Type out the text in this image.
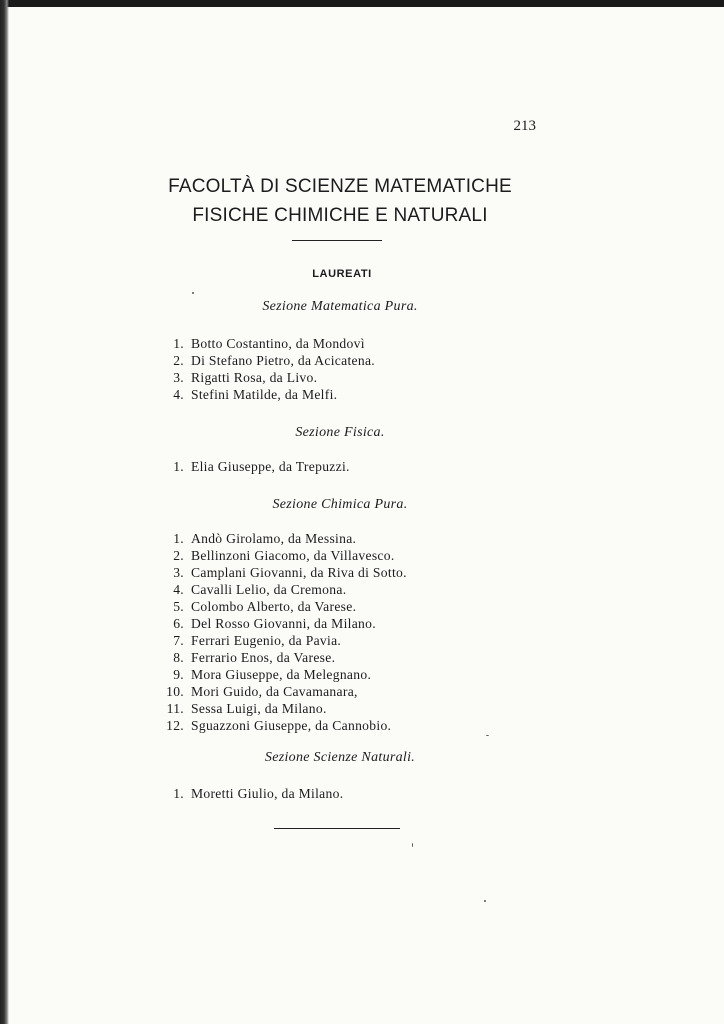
213
FACOLTÀ DI SCIENZE MATEMATICHE
FISICHE CHIMICHE E NATURALI
LAUREATI
Sezione Matematica Pura.
1. Botto Costantino, da Mondovì
2. Di Stefano Pietro, da Acicatena.
3. Rigatti Rosa, da Livo.
4. Stefini Matilde, da Melfi.
Sezione Fisica.
1. Elia Giuseppe, da Trepuzzi.
Sezione Chimica Pura.
1. Andò Girolamo, da Messina.
2. Bellinzoni Giacomo, da Villavesco.
3. Camplani Giovanni, da Riva di Sotto.
4. Cavalli Lelio, da Cremona.
5. Colombo Alberto, da Varese.
6. Del Rosso Giovanni, da Milano.
7. Ferrari Eugenio, da Pavia.
8. Ferrario Enos, da Varese.
9. Mora Giuseppe, da Melegnano.
10. Mori Guido, da Cavamanara,
11. Sessa Luigi, da Milano.
12. Sguazzoni Giuseppe, da Cannobio.
Sezione Scienze Naturali.
1. Moretti Giulio, da Milano.
